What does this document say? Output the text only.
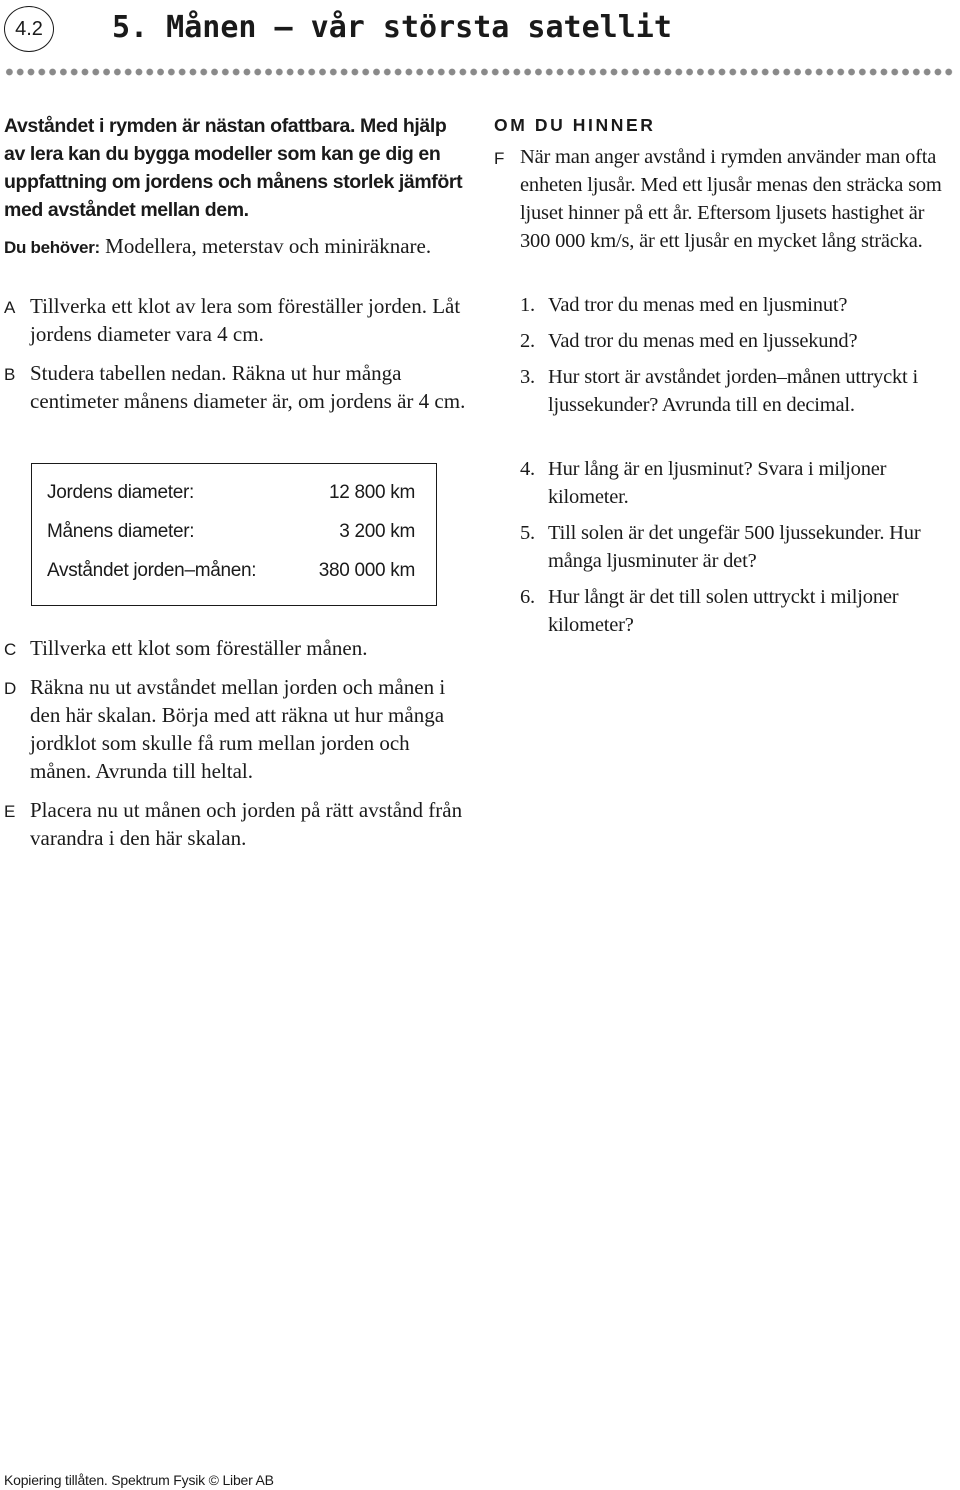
4.2 5. Månen – vår största satellit

Avståndet i rymden är nästan ofattbara. Med hjälp av lera kan du bygga modeller som kan ge dig en uppfattning om jordens och månens storlek jämfört med avståndet mellan dem.

Du behöver: Modellera, meterstav och miniräknare.

A Tillverka ett klot av lera som föreställer jorden. Låt jordens diameter vara 4 cm.
B Studera tabellen nedan. Räkna ut hur många centimeter månens diameter är, om jordens är 4 cm.
Jordens diameter:	12 800 km
Månens diameter:	3 200 km
Avståndet jorden–månen:	380 000 km
C Tillverka ett klot som föreställer månen.
D Räkna nu ut avståndet mellan jorden och månen i den här skalan. Börja med att räkna ut hur många jordklot som skulle få rum mellan jorden och månen. Avrunda till heltal.
E Placera nu ut månen och jorden på rätt avstånd från varandra i den här skalan.
OM DU HINNER
F När man anger avstånd i rymden använder man ofta enheten ljusår. Med ett ljusår menas den sträcka som ljuset hinner på ett år. Eftersom ljusets hastighet är 300 000 km/s, är ett ljusår en mycket lång sträcka.
1. Vad tror du menas med en ljusminut?
2. Vad tror du menas med en ljussekund?
3. Hur stort är avståndet jorden–månen uttryckt i ljussekunder? Avrunda till en decimal.
4. Hur lång är en ljusminut? Svara i miljoner kilometer.
5. Till solen är det ungefär 500 ljussekunder. Hur många ljusminuter är det?
6. Hur långt är det till solen uttryckt i miljoner kilometer?

Kopiering tillåten. Spektrum Fysik © Liber AB
